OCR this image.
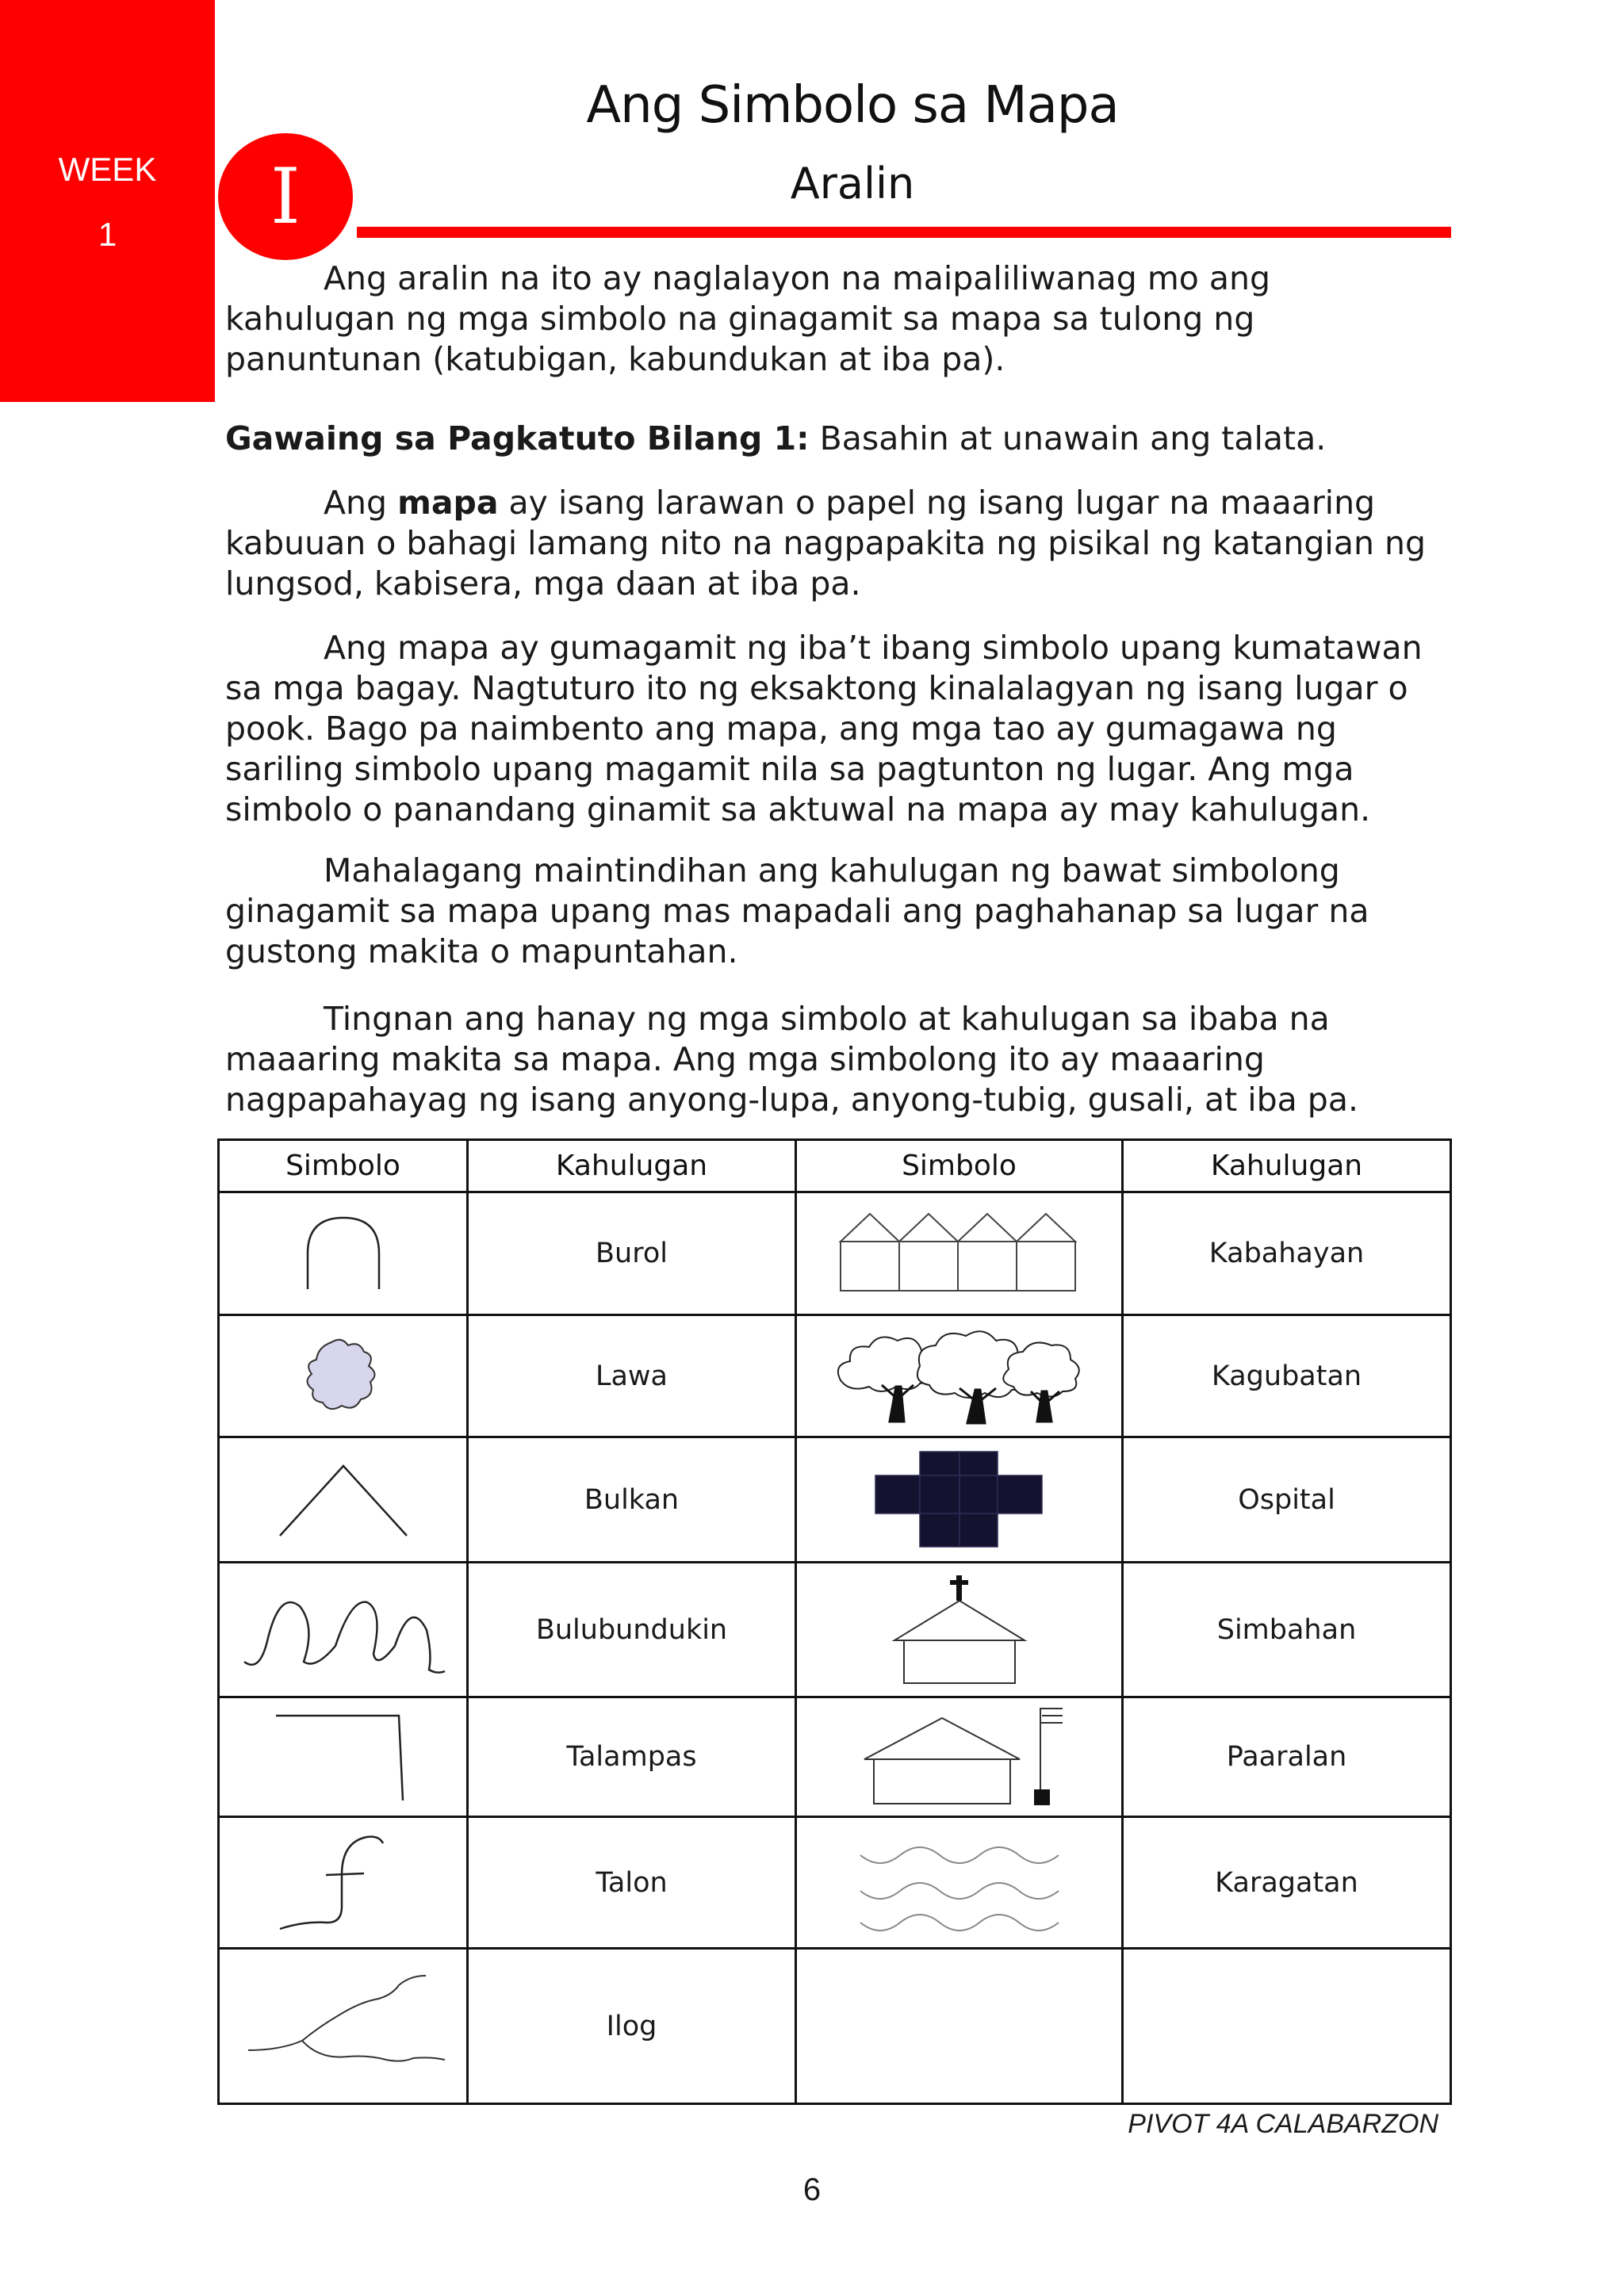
WEEK
1	I
Ang Simbolo sa Mapa
Aralin

Ang aralin na ito ay naglalayon na maipaliliwanag mo ang kahulugan ng mga simbolo na ginagamit sa mapa sa tulong ng panuntunan (katubigan, kabundukan at iba pa).

Gawaing sa Pagkatuto Bilang 1: Basahin at unawain ang talata.

Ang mapa ay isang larawan o papel ng isang lugar na maaaring kabuuan o bahagi lamang nito na nagpapakita ng pisikal ng katangian ng lungsod, kabisera, mga daan at iba pa.

Ang mapa ay gumagamit ng iba’t ibang simbolo upang kumatawan sa mga bagay. Nagtuturo ito ng eksaktong kinalalagyan ng isang lugar o pook. Bago pa naimbento ang mapa, ang mga tao ay gumagawa ng sariling simbolo upang magamit nila sa pagtunton ng lugar. Ang mga simbolo o panandang ginamit sa aktuwal na mapa ay may kahulugan.

Mahalagang maintindihan ang kahulugan ng bawat simbolong ginagamit sa mapa upang mas mapadali ang paghahanap sa lugar na gustong makita o mapuntahan.

Tingnan ang hanay ng mga simbolo at kahulugan sa ibaba na maaaring makita sa mapa. Ang mga simbolong ito ay maaaring nagpapahayag ng isang anyong-lupa, anyong-tubig, gusali, at iba pa.

Simbolo	Kahulugan	Simbolo	Kahulugan

	Burol		Kabahayan

	Lawa		Kagubatan

	Bulkan		Ospital

	Bulubundukin		Simbahan

	Talampas		Paaralan

	Talon		Karagatan

	Ilog		
PIVOT 4A CALABARZON
6
